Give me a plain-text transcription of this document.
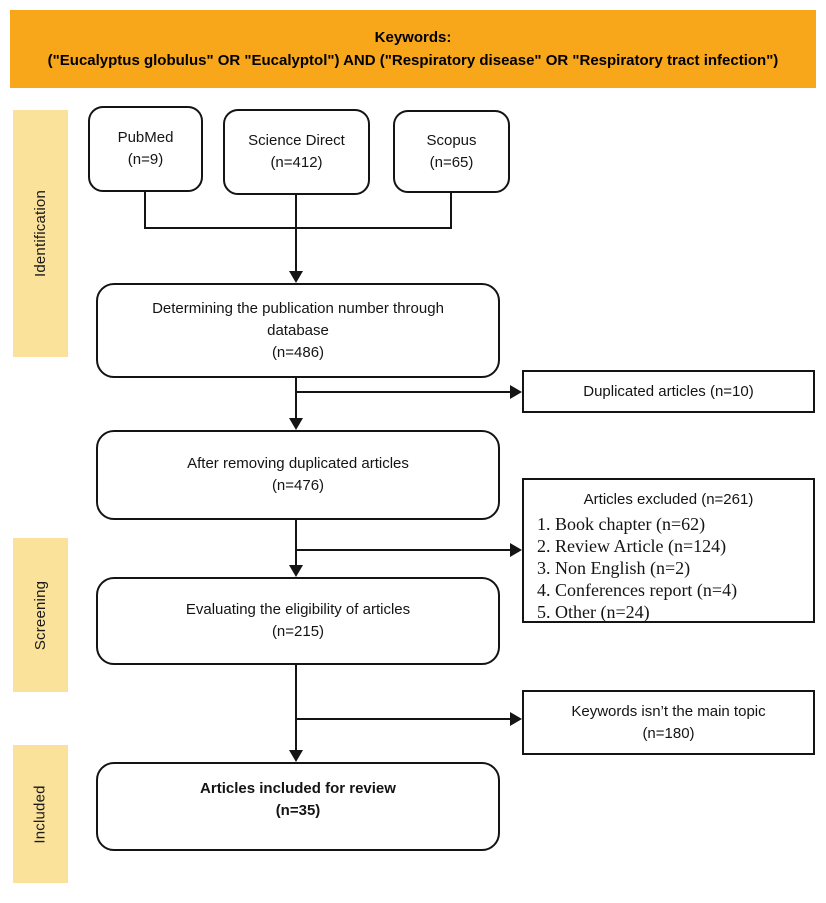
Keywords:
("Eucalyptus globulus" OR "Eucalyptol") AND ("Respiratory disease" OR "Respiratory tract infection")
Identification
Screening
Included
PubMed
(n=9)
Science Direct
(n=412)
Scopus
(n=65)
Determining the publication number through
database
(n=486)
Duplicated articles (n=10)
After removing duplicated articles
(n=476)
Articles excluded (n=261)
1. Book chapter (n=62)
2. Review Article (n=124)
3. Non English (n=2)
4. Conferences report (n=4)
5. Other (n=24)
Evaluating the eligibility of articles
(n=215)
Keywords isn’t the main topic
(n=180)
Articles included for review
(n=35)
